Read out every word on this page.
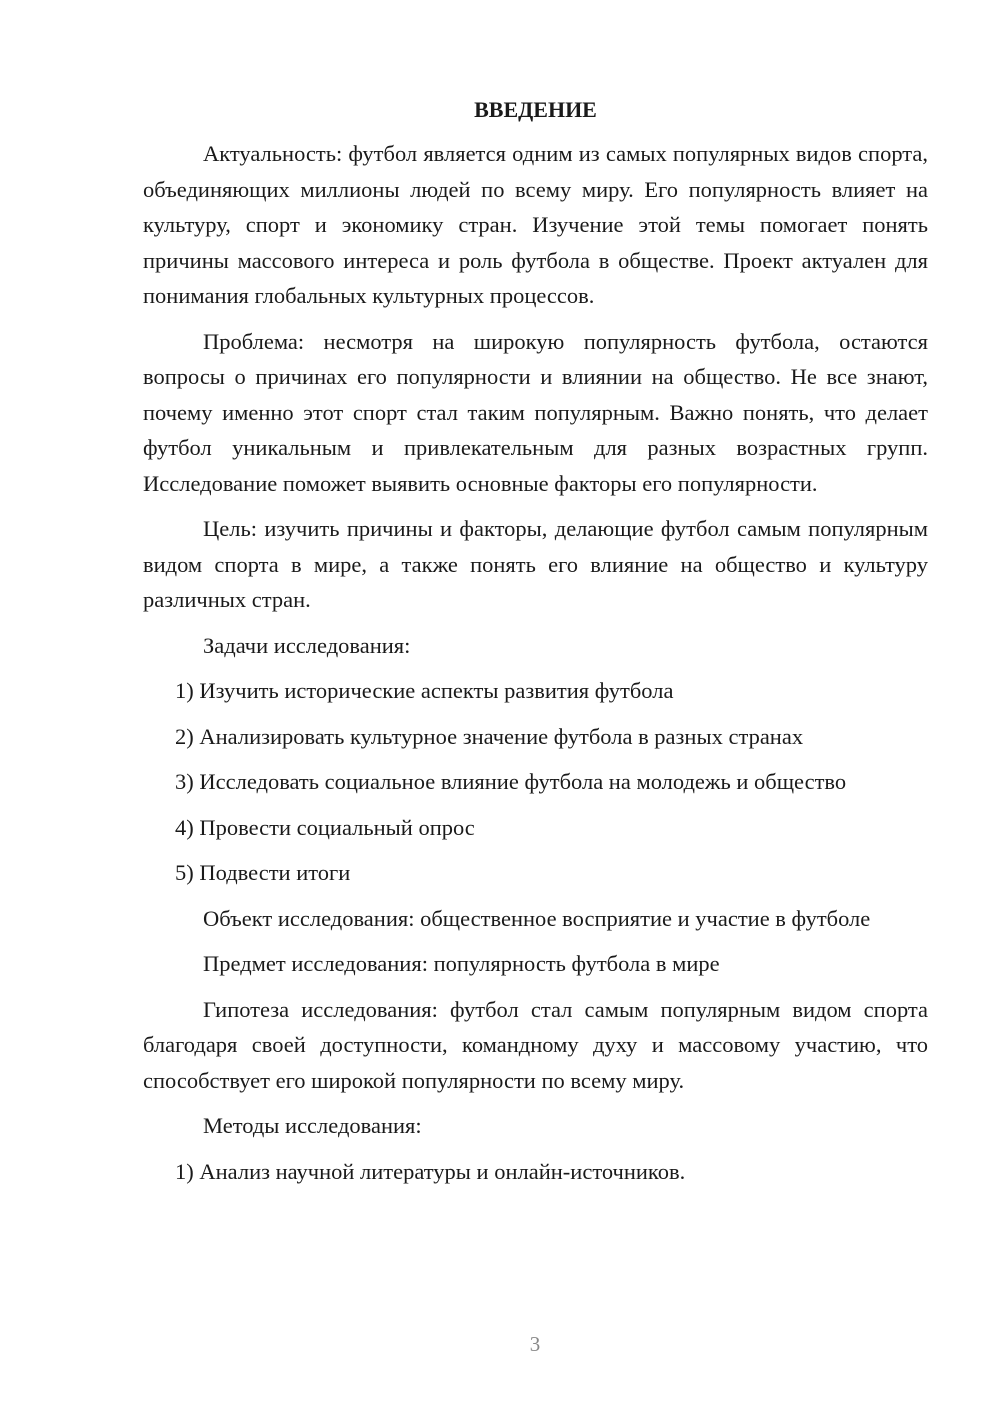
ВВЕДЕНИЕ

Актуальность: футбол является одним из самых популярных видов спорта, объединяющих миллионы людей по всему миру. Его популярность влияет на культуру, спорт и экономику стран. Изучение этой темы помогает понять причины массового интереса и роль футбола в обществе. Проект актуален для понимания глобальных культурных процессов.

Проблема: несмотря на широкую популярность футбола, остаются вопросы о причинах его популярности и влиянии на общество. Не все знают, почему именно этот спорт стал таким популярным. Важно понять, что делает футбол уникальным и привлекательным для разных возрастных групп. Исследование поможет выявить основные факторы его популярности.

Цель: изучить причины и факторы, делающие футбол самым популярным видом спорта в мире, а также понять его влияние на общество и культуру различных стран.

Задачи исследования:

1) Изучить исторические аспекты развития футбола

2) Анализировать культурное значение футбола в разных странах

3) Исследовать социальное влияние футбола на молодежь и общество

4) Провести социальный опрос

5) Подвести итоги

Объект исследования: общественное восприятие и участие в футболе

Предмет исследования: популярность футбола в мире

Гипотеза исследования: футбол стал самым популярным видом спорта благодаря своей доступности, командному духу и массовому участию, что способствует его широкой популярности по всему миру.

Методы исследования:

1) Анализ научной литературы и онлайн-источников.

3
